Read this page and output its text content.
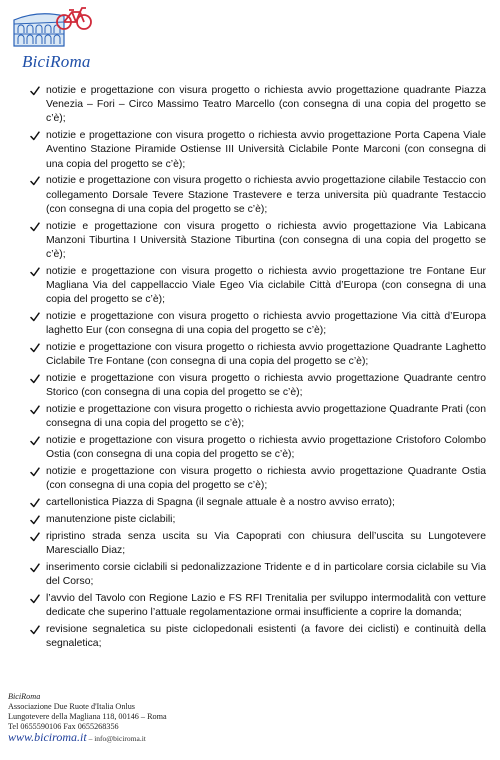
BiciRoma
notizie e progettazione con visura progetto o richiesta avvio progettazione quadrante Piazza Venezia – Fori – Circo Massimo Teatro Marcello (con consegna di una copia del progetto se c’è);
notizie e progettazione con visura progetto o richiesta avvio progettazione Porta Capena Viale Aventino Stazione Piramide Ostiense III Università Ciclabile Ponte Marconi (con consegna di una copia del progetto se c’è);
notizie e progettazione con visura progetto o richiesta avvio progettazione cilabile Testaccio con collegamento Dorsale Tevere Stazione Trastevere e terza universita più quadrante Testaccio (con consegna di una copia del progetto se c’è);
notizie e progettazione con visura progetto o richiesta avvio progettazione Via Labicana Manzoni Tiburtina I Università Stazione Tiburtina (con consegna di una copia del progetto se c’è);
notizie e progettazione con visura progetto o richiesta avvio progettazione tre Fontane Eur Magliana Via del cappellaccio Viale Egeo Via ciclabile Città d’Europa (con consegna di una copia del progetto se c’è);
notizie e progettazione con visura progetto o richiesta avvio progettazione Via città d’Europa laghetto Eur (con consegna di una copia del progetto se c’è);
notizie e progettazione con visura progetto o richiesta avvio progettazione Quadrante Laghetto Ciclabile Tre Fontane (con consegna di una copia del progetto se c’è);
notizie e progettazione con visura progetto o richiesta avvio progettazione Quadrante centro Storico (con consegna di una copia del progetto se c’è);
notizie e progettazione con visura progetto o richiesta avvio progettazione Quadrante Prati (con consegna di una copia del progetto se c’è);
notizie e progettazione con visura progetto o richiesta avvio progettazione Cristoforo Colombo Ostia (con consegna di una copia del progetto se c’è);
notizie e progettazione con visura progetto o richiesta avvio progettazione Quadrante Ostia (con consegna di una copia del progetto se c’è);
cartellonistica Piazza di Spagna (il segnale attuale è a nostro avviso errato);
manutenzione piste ciclabili;
ripristino strada senza uscita su Via Capoprati con chiusura dell’uscita su Lungotevere Maresciallo Diaz;
inserimento corsie ciclabili si pedonalizzazione Tridente e d in particolare corsia ciclabile su Via del Corso;
l’avvio del Tavolo con Regione Lazio e FS RFI Trenitalia per sviluppo intermodalità con vetture dedicate che superino l’attuale regolamentazione ormai insufficiente a coprire la domanda;
revisione segnaletica su piste ciclopedonali esistenti (a favore dei ciclisti) e continuità della segnaletica;
BiciRoma
Associazione Due Ruote d'Italia Onlus
Lungotevere della Magliana 118, 00146 – Roma
Tel 0655590106 Fax 0655268356
www.biciroma.it – info@biciroma.it
